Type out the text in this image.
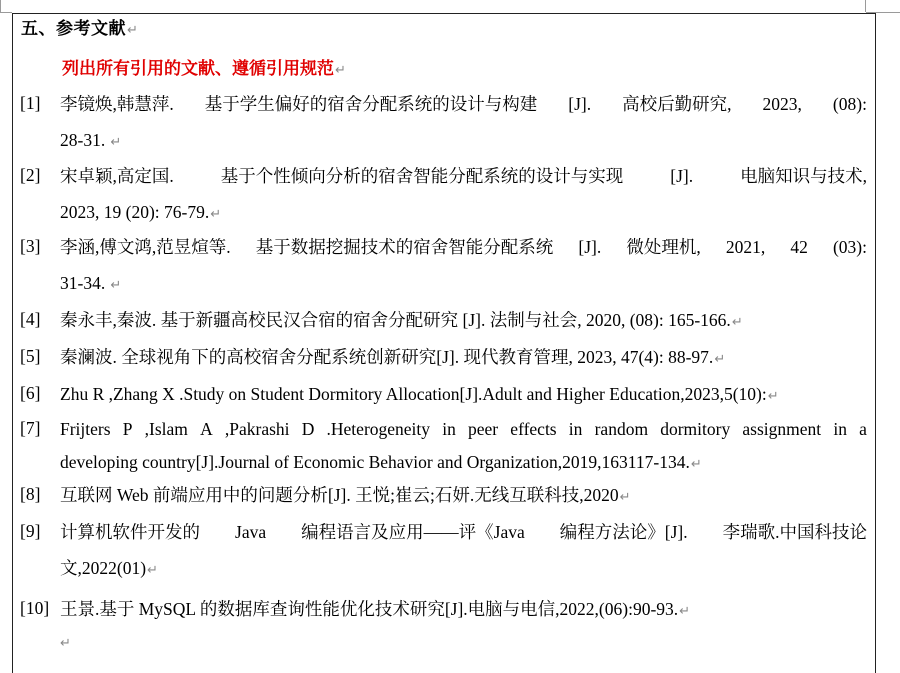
五、参考文献↵
列出所有引用的文献、遵循引用规范↵
[1] 李镜焕,韩慧萍. 基于学生偏好的宿舍分配系统的设计与构建 [J]. 高校后勤研究, 2023, (08):
28-31. ↵
[2] 宋卓颖,高定国.	基于个性倾向分析的宿舍智能分配系统的设计与实现	[J].	电脑知识与技术,
2023, 19 (20): 76-79.↵
[3] 李涵,傅文鸿,范昱煊等. 基于数据挖掘技术的宿舍智能分配系统 [J]. 微处理机, 2021, 42 (03):
31-34. ↵
[4] 秦永丰,秦波. 基于新疆高校民汉合宿的宿舍分配研究 [J]. 法制与社会, 2020, (08): 165-166.↵
[5] 秦澜波. 全球视角下的高校宿舍分配系统创新研究[J]. 现代教育管理, 2023, 47(4): 88-97.↵
[6] Zhu R ,Zhang X .Study on Student Dormitory Allocation[J].Adult and Higher Education,2023,5(10):↵
[7] Frijters P ,Islam A ,Pakrashi D .Heterogeneity in peer effects in random dormitory assignment in a
developing country[J].Journal of Economic Behavior and Organization,2019,163117-134.↵
[8] 互联网 Web 前端应用中的问题分析[J]. 王悦;崔云;石妍.无线互联科技,2020↵
[9] 计算机软件开发的 Java 编程语言及应用——评《Java 编程方法论》[J]. 李瑞歌.中国科技论
文,2022(01)↵
[10] 王景.基于 MySQL 的数据库查询性能优化技术研究[J].电脑与电信,2022,(06):90-93.↵
↵
